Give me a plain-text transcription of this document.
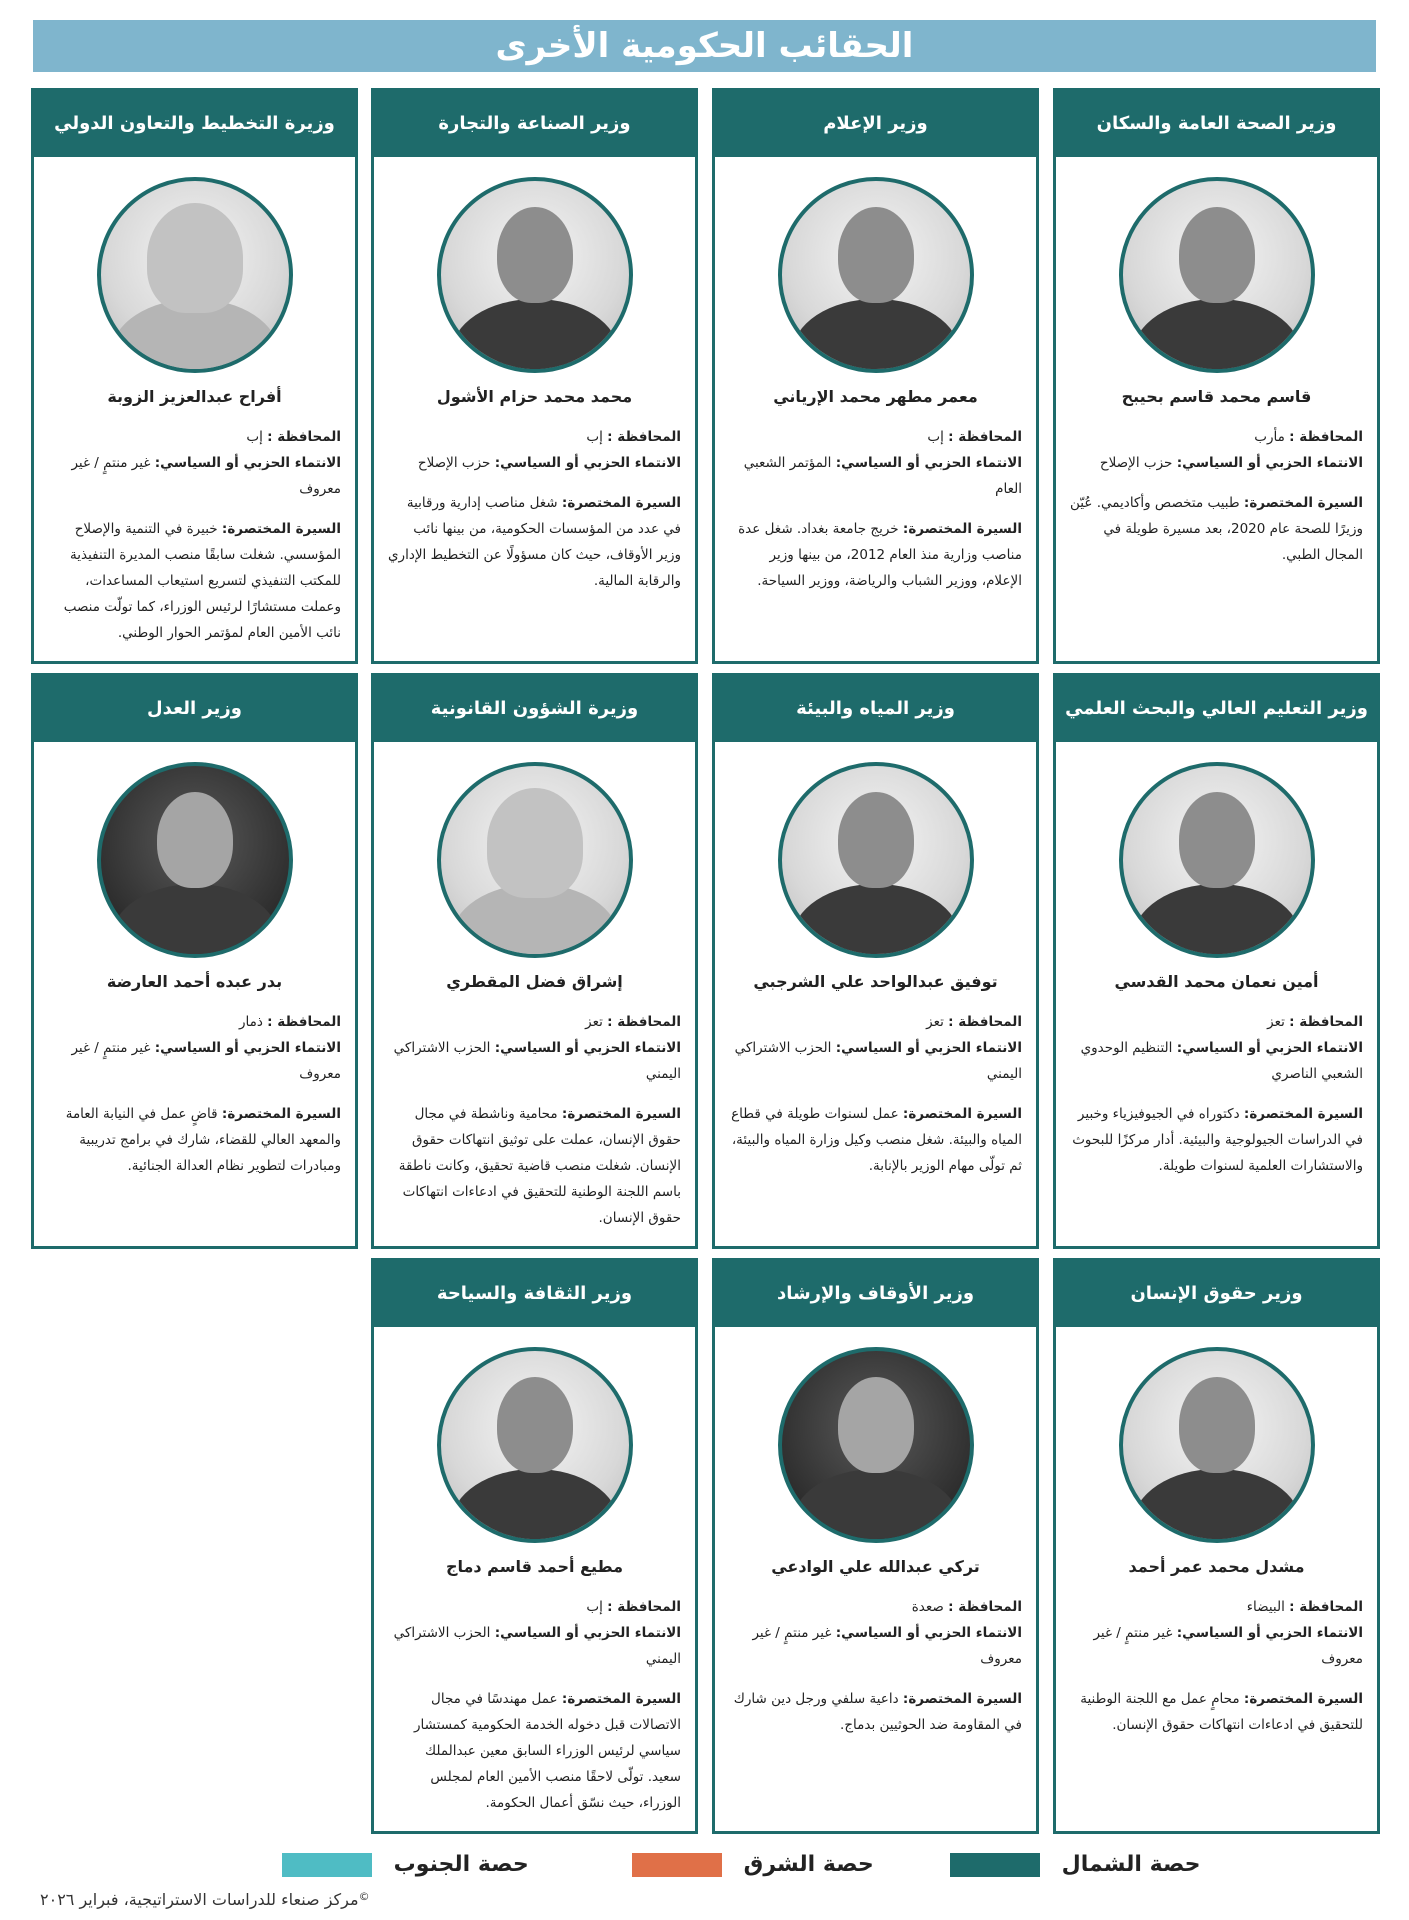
الحقائب الحكومية الأخرى
وزير الصحة العامة والسكان
قاسم محمد قاسم بحيبح
المحافظة : مأرب
الانتماء الحزبي أو السياسي: حزب الإصلاح
السيرة المختصرة: طبيب متخصص وأكاديمي. عُيّن وزيرًا للصحة عام 2020، بعد مسيرة طويلة في المجال الطبي.
وزير الإعلام
معمر مطهر محمد الإرياني
المحافظة : إب
الانتماء الحزبي أو السياسي: المؤتمر الشعبي العام
السيرة المختصرة: خريج جامعة بغداد. شغل عدة مناصب وزارية منذ العام 2012، من بينها وزير الإعلام، ووزير الشباب والرياضة، ووزير السياحة.
وزير الصناعة والتجارة
محمد محمد حزام الأشول
المحافظة : إب
الانتماء الحزبي أو السياسي: حزب الإصلاح
السيرة المختصرة: شغل مناصب إدارية ورقابية في عدد من المؤسسات الحكومية، من بينها نائب وزير الأوقاف، حيث كان مسؤولًا عن التخطيط الإداري والرقابة المالية.
وزيرة التخطيط والتعاون الدولي
أفراح عبدالعزيز الزوبة
المحافظة : إب
الانتماء الحزبي أو السياسي: غير منتمٍ / غير معروف
السيرة المختصرة: خبيرة في التنمية والإصلاح المؤسسي. شغلت سابقًا منصب المديرة التنفيذية للمكتب التنفيذي لتسريع استيعاب المساعدات، وعملت مستشارًا لرئيس الوزراء، كما تولّت منصب نائب الأمين العام لمؤتمر الحوار الوطني.
وزير التعليم العالي والبحث العلمي
أمين نعمان محمد القدسي
المحافظة : تعز
الانتماء الحزبي أو السياسي: التنظيم الوحدوي الشعبي الناصري
السيرة المختصرة: دكتوراه في الجيوفيزياء وخبير في الدراسات الجيولوجية والبيئية. أدار مركزًا للبحوث والاستشارات العلمية لسنوات طويلة.
وزير المياه والبيئة
توفيق عبدالواحد علي الشرجبي
المحافظة : تعز
الانتماء الحزبي أو السياسي: الحزب الاشتراكي اليمني
السيرة المختصرة: عمل لسنوات طويلة في قطاع المياه والبيئة. شغل منصب وكيل وزارة المياه والبيئة، ثم تولّى مهام الوزير بالإنابة.
وزيرة الشؤون القانونية
إشراق فضل المقطري
المحافظة : تعز
الانتماء الحزبي أو السياسي: الحزب الاشتراكي اليمني
السيرة المختصرة: محامية وناشطة في مجال حقوق الإنسان، عملت على توثيق انتهاكات حقوق الإنسان. شغلت منصب قاضية تحقيق، وكانت ناطقة باسم اللجنة الوطنية للتحقيق في ادعاءات انتهاكات حقوق الإنسان.
وزير العدل
بدر عبده أحمد العارضة
المحافظة : ذمار
الانتماء الحزبي أو السياسي: غير منتمٍ / غير معروف
السيرة المختصرة: قاضٍ عمل في النيابة العامة والمعهد العالي للقضاء، شارك في برامج تدريبية ومبادرات لتطوير نظام العدالة الجنائية.
وزير حقوق الإنسان
مشدل محمد عمر أحمد
المحافظة : البيضاء
الانتماء الحزبي أو السياسي: غير منتمٍ / غير معروف
السيرة المختصرة: محامٍ عمل مع اللجنة الوطنية للتحقيق في ادعاءات انتهاكات حقوق الإنسان.
وزير الأوقاف والإرشاد
تركي عبدالله علي الوادعي
المحافظة : صعدة
الانتماء الحزبي أو السياسي: غير منتمٍ / غير معروف
السيرة المختصرة: داعية سلفي ورجل دين شارك في المقاومة ضد الحوثيين بدماج.
وزير الثقافة والسياحة
مطيع أحمد قاسم دماج
المحافظة : إب
الانتماء الحزبي أو السياسي: الحزب الاشتراكي اليمني
السيرة المختصرة: عمل مهندسًا في مجال الاتصالات قبل دخوله الخدمة الحكومية كمستشار سياسي لرئيس الوزراء السابق معين عبدالملك سعيد. تولّى لاحقًا منصب الأمين العام لمجلس الوزراء، حيث نسّق أعمال الحكومة.
حصة الشمال
حصة الشرق
حصة الجنوب
©مركز صنعاء للدراسات الاستراتيجية، فبراير ٢٠٢٦
